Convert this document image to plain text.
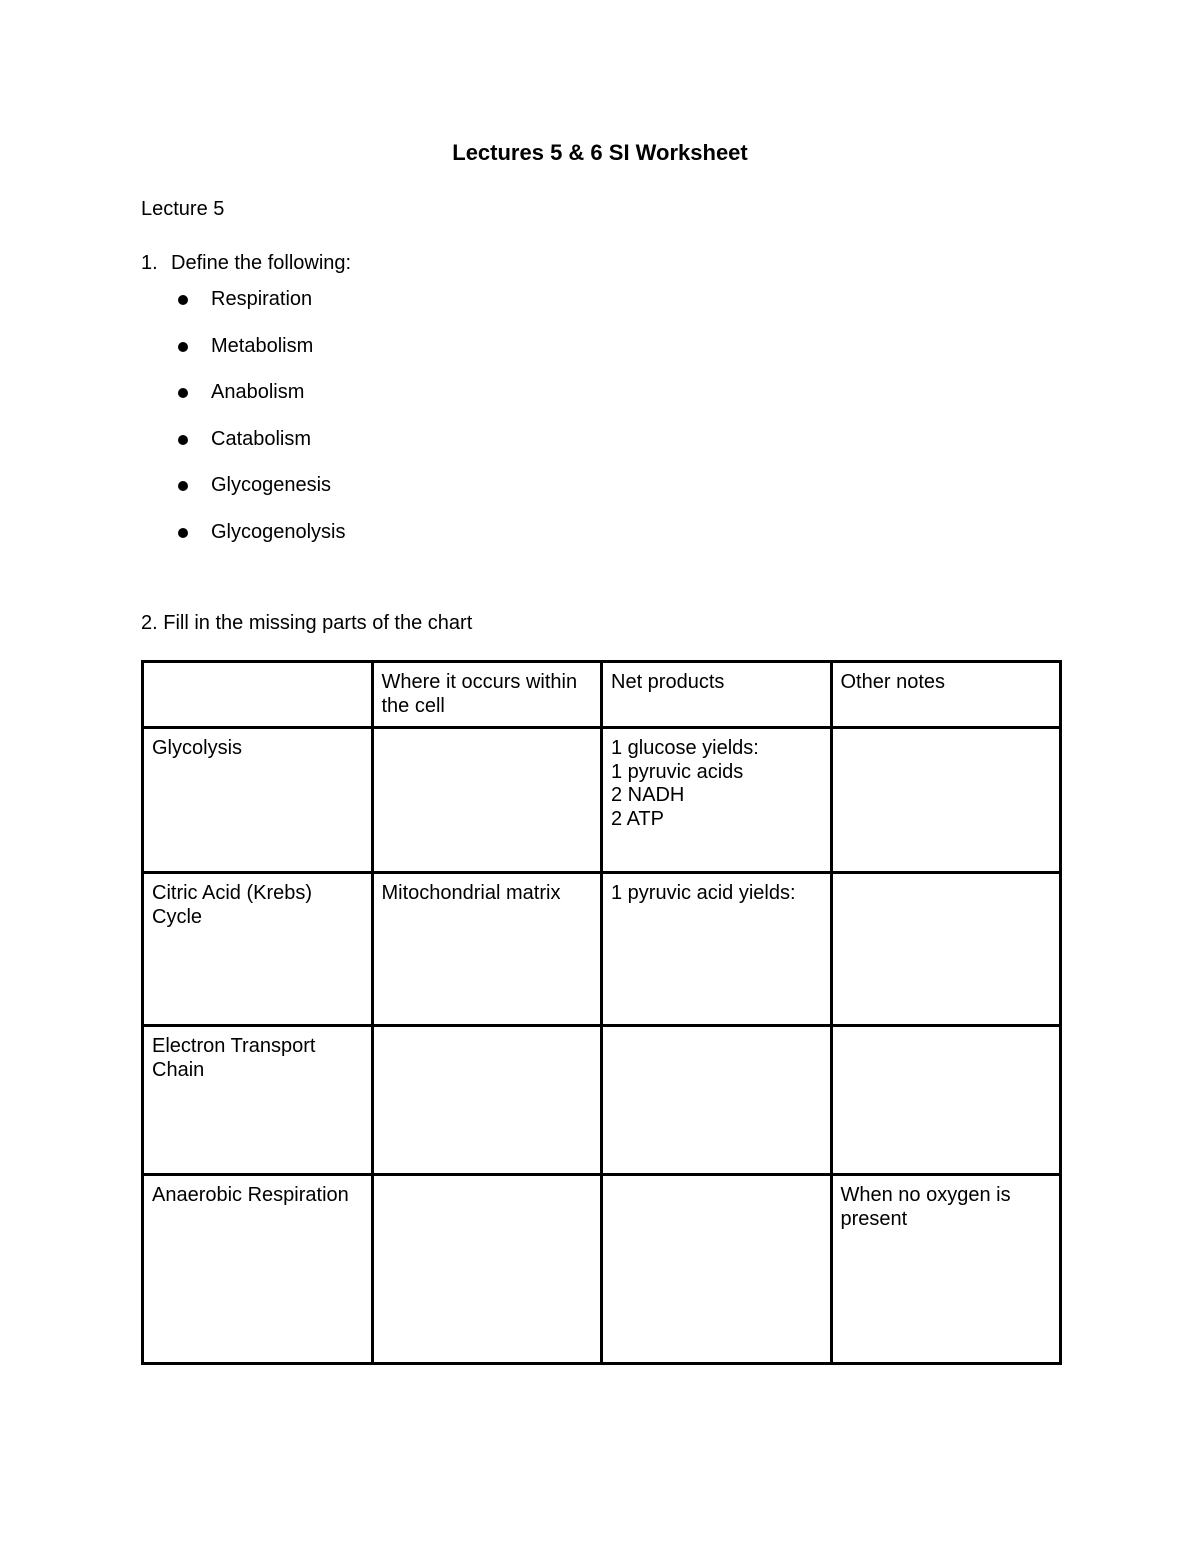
Lectures 5 & 6 SI Worksheet
Lecture 5
1. Define the following:
Respiration
Metabolism
Anabolism
Catabolism
Glycogenesis
Glycogenolysis
2. Fill in the missing parts of the chart
	Where it occurs within the cell	Net products	Other notes
Glycolysis		1 glucose yields:
1 pyruvic acids
2 NADH
2 ATP	

Citric Acid (Krebs) Cycle	Mitochondrial matrix	1 pyruvic acid yields:	

Electron Transport Chain			
Anaerobic Respiration			When no oxygen is present
